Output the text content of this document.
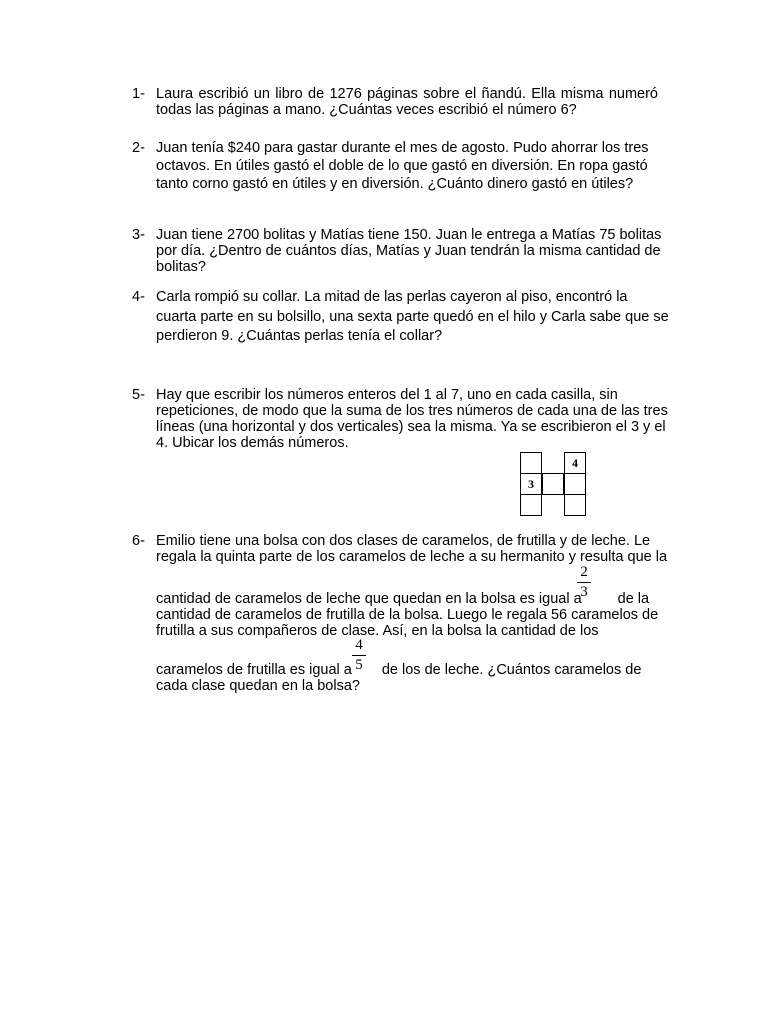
1- Laura escribió un libro de 1276 páginas sobre el ñandú. Ella misma numeró
todas las páginas a mano. ¿Cuántas veces escribió el número 6?
2- Juan tenía $240 para gastar durante el mes de agosto. Pudo ahorrar los tres
octavos. En útiles gastó el doble de lo que gastó en diversión. En ropa gastó
tanto corno gastó en útiles y en diversión. ¿Cuánto dinero gastó en útiles?
3- Juan tiene 2700 bolitas y Matías tiene 150. Juan le entrega a Matías 75 bolitas
por día. ¿Dentro de cuántos días, Matías y Juan tendrán la misma cantidad de
bolitas?
4- Carla rompió su collar. La mitad de las perlas cayeron al piso, encontró la
cuarta parte en su bolsillo, una sexta parte quedó en el hilo y Carla sabe que se
perdieron 9. ¿Cuántas perlas tenía el collar?
5- Hay que escribir los números enteros del 1 al 7, uno en cada casilla, sin
repeticiones, de modo que la suma de los tres números de cada una de las tres
líneas (una horizontal y dos verticales) sea la misma. Ya se escribieron el 3 y el
4. Ubicar los demás números.
4
3
6- Emilio tiene una bolsa con dos clases de caramelos, de frutilla y de leche. Le
regala la quinta parte de los caramelos de leche a su hermanito y resulta que la
cantidad de caramelos de leche que quedan en la bolsa es igual a de la
cantidad de caramelos de frutilla de la bolsa. Luego le regala 56 caramelos de
frutilla a sus compañeros de clase. Así, en la bolsa la cantidad de los
2
3
caramelos de frutilla es igual a de los de leche. ¿Cuántos caramelos de
cada clase quedan en la bolsa?
4
5
